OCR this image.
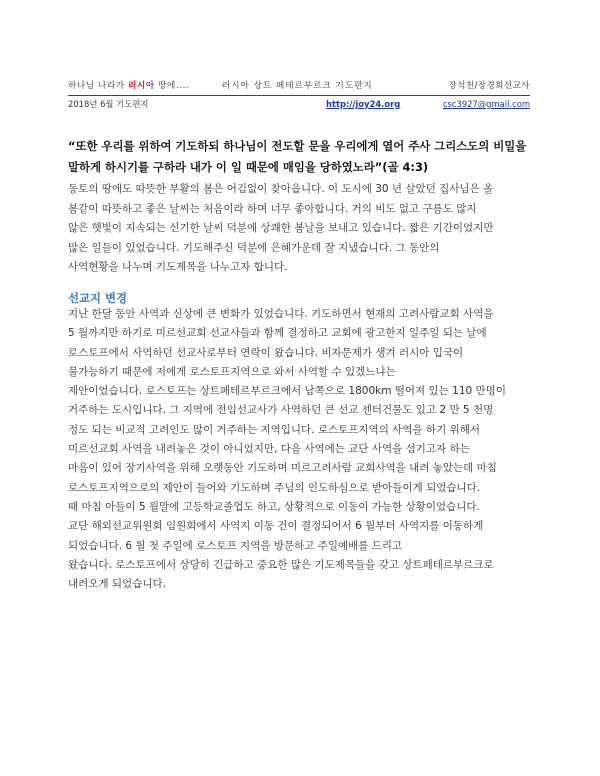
하나님 나라가 러시아 땅에....	러시아 상트 페테르부르크 기도편지	장석천/장경희선교사
2018년 6월 기도편지	http://joy24.org	csc3927@gmail.com
“또한 우리를 위하여 기도하되 하나님이 전도할 문을 우리에게 열어 주사 그리스도의 비밀을
말하게 하시기를 구하라 내가 이 일 때문에 매임을 당하였노라”(골 4:3)
동토의 땅에도 따뜻한 부활의 봄은 어김없이 찾아옵니다. 이 도시에 30 년 살았던 집사님은 올
봄같이 따뜻하고 좋은 날씨는 처음이라 하며 너무 좋아합니다. 거의 비도 없고 구름도 많지
않은 햇빛이 지속되는 신기한 날씨 덕분에 상쾌한 봄날을 보내고 있습니다. 짧은 기간이었지만
많은 일들이 있었습니다. 기도해주신 덕분에 은혜가운데 잘 지냈습니다. 그 동안의
사역현황을 나누며 기도제목을 나누고자 합니다.
선교지 변경
지난 한달 동안 사역과 신상에 큰 변화가 있었습니다. 기도하면서 현재의 고려사람교회 사역을
5 월까지만 하기로 미르선교회 선교사들과 함께 결정하고 교회에 광고한지 일주일 되는 날에
로스토프에서 사역하던 선교사로부터 연락이 왔습니다. 비자문제가 생겨 러시아 입국이
불가능하기 때문에 저에게 로스토프지역으로 와서 사역할 수 있겠느냐는
제안이었습니다. 로스토프는 상트페테르부르크에서 남쪽으로 1800km 떨어져 있는 110 만명이
거주하는 도시입니다. 그 지역에 전임선교사가 사역하던 큰 선교 센터건물도 있고 2 만 5 천명
정도 되는 비교적 고려인도 많이 거주하는 지역입니다. 로스토프지역의 사역을 하기 위해서
미르선교회 사역을 내려놓은 것이 아니었지만, 다음 사역에는 교단 사역을 섬기고자 하는
마음이 있어 장기사역을 위해 오랫동안 기도하며 미르고려사람 교회사역을 내려 놓았는데 마침
로스토프지역으로의 제안이 들어와 기도하며 주님의 인도하심으로 받아들이게 되었습니다.
때 마침 아들이 5 월말에 고등학교졸업도 하고, 상황적으로 이동이 가능한 상황이었습니다.
교단 해외선교위원회 임원회에서 사역지 이동 건이 결정되어서 6 월부터 사역지를 이동하게
되었습니다. 6 월 첫 주일에 로스토프 지역을 방문하고 주일예배를 드리고
왔습니다. 로스토프에서 상당히 긴급하고 중요한 많은 기도제목들을 갖고 상트페테르부르크로
내려오게 되었습니다.
